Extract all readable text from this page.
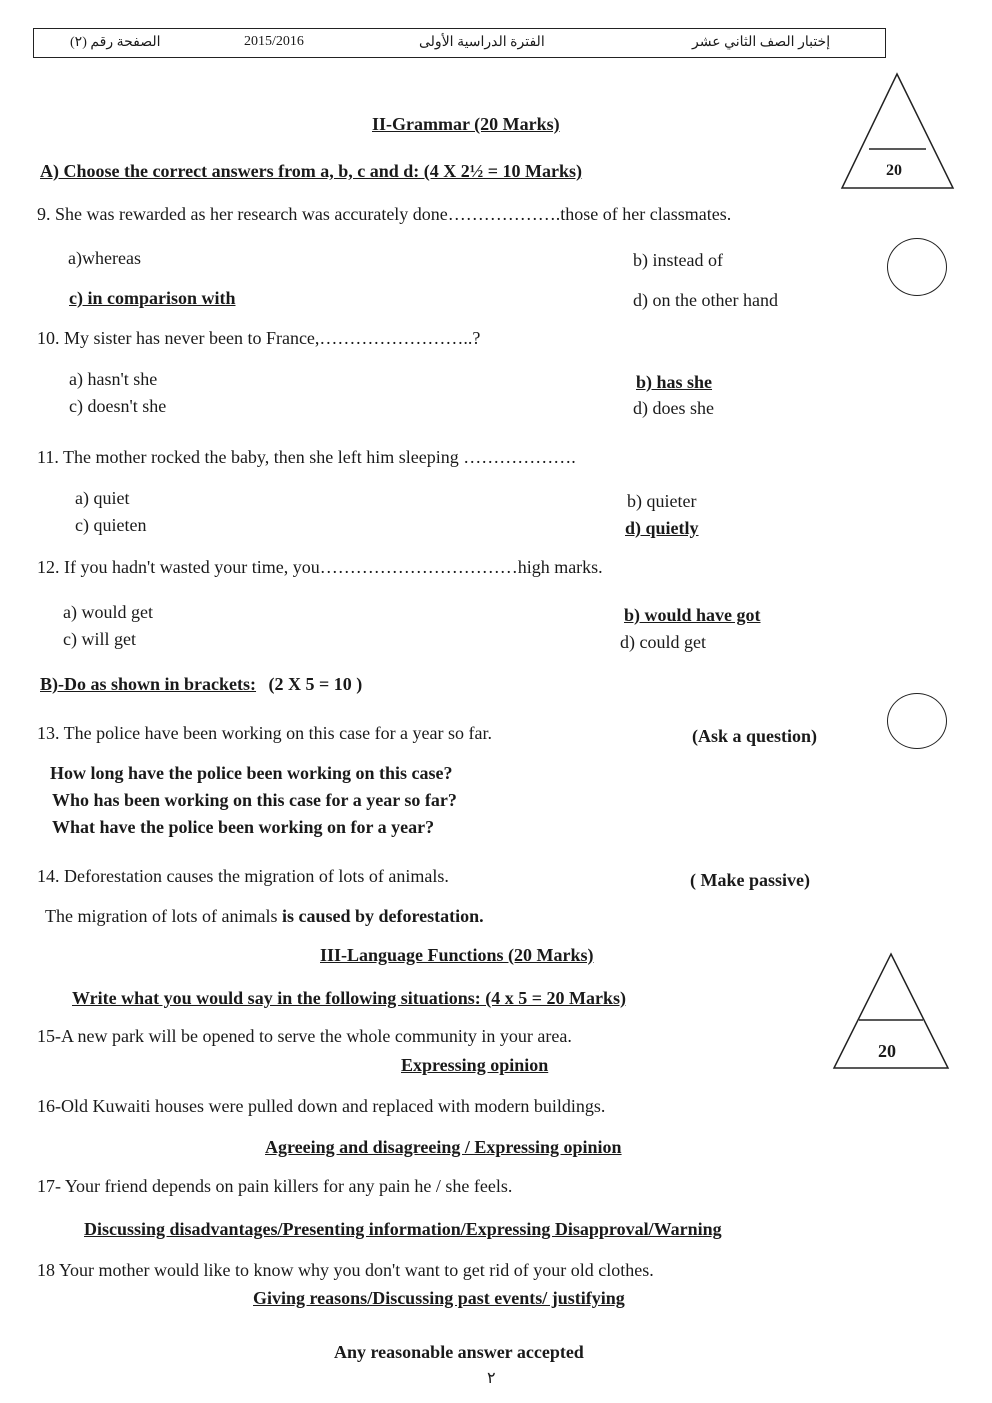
الصفحة رقم (٢)	2015/2016	الفترة الدراسية الأولى	إختبار الصف الثاني عشر
II-Grammar (20 Marks)
20
A) Choose the correct answers from a, b, c and d: (4 X 2½ = 10 Marks)
9. She was rewarded as her research was accurately done……………….those of her classmates.
a)whereas	b) instead of
c) in comparison with	d) on the other hand
10. My sister has never been to France,……………………..?
a) hasn't she	b) has she
c) doesn't she	d) does she
11. The mother rocked the baby, then she left him sleeping ……………….
a) quiet	b) quieter
c) quieten	d) quietly
12. If you hadn't wasted your time, you……………………………high marks.
a) would get	b) would have got
c) will get	d) could get
B)-Do as shown in brackets: (2 X 5 = 10 )
13. The police have been working on this case for a year so far.	(Ask a question)
How long have the police been working on this case?
Who has been working on this case for a year so far?
What have the police been working on for a year?
14. Deforestation causes the migration of lots of animals.	( Make passive)
The migration of lots of animals is caused by deforestation.
III-Language Functions (20 Marks)
20
Write what you would say in the following situations: (4 x 5 = 20 Marks)
15-A new park will be opened to serve the whole community in your area.
Expressing opinion
16-Old Kuwaiti houses were pulled down and replaced with modern buildings.
Agreeing and disagreeing / Expressing opinion
17- Your friend depends on pain killers for any pain he / she feels.
Discussing disadvantages/Presenting information/Expressing Disapproval/Warning
18 Your mother would like to know why you don't want to get rid of your old clothes.
Giving reasons/Discussing past events/ justifying
Any reasonable answer accepted
٢
